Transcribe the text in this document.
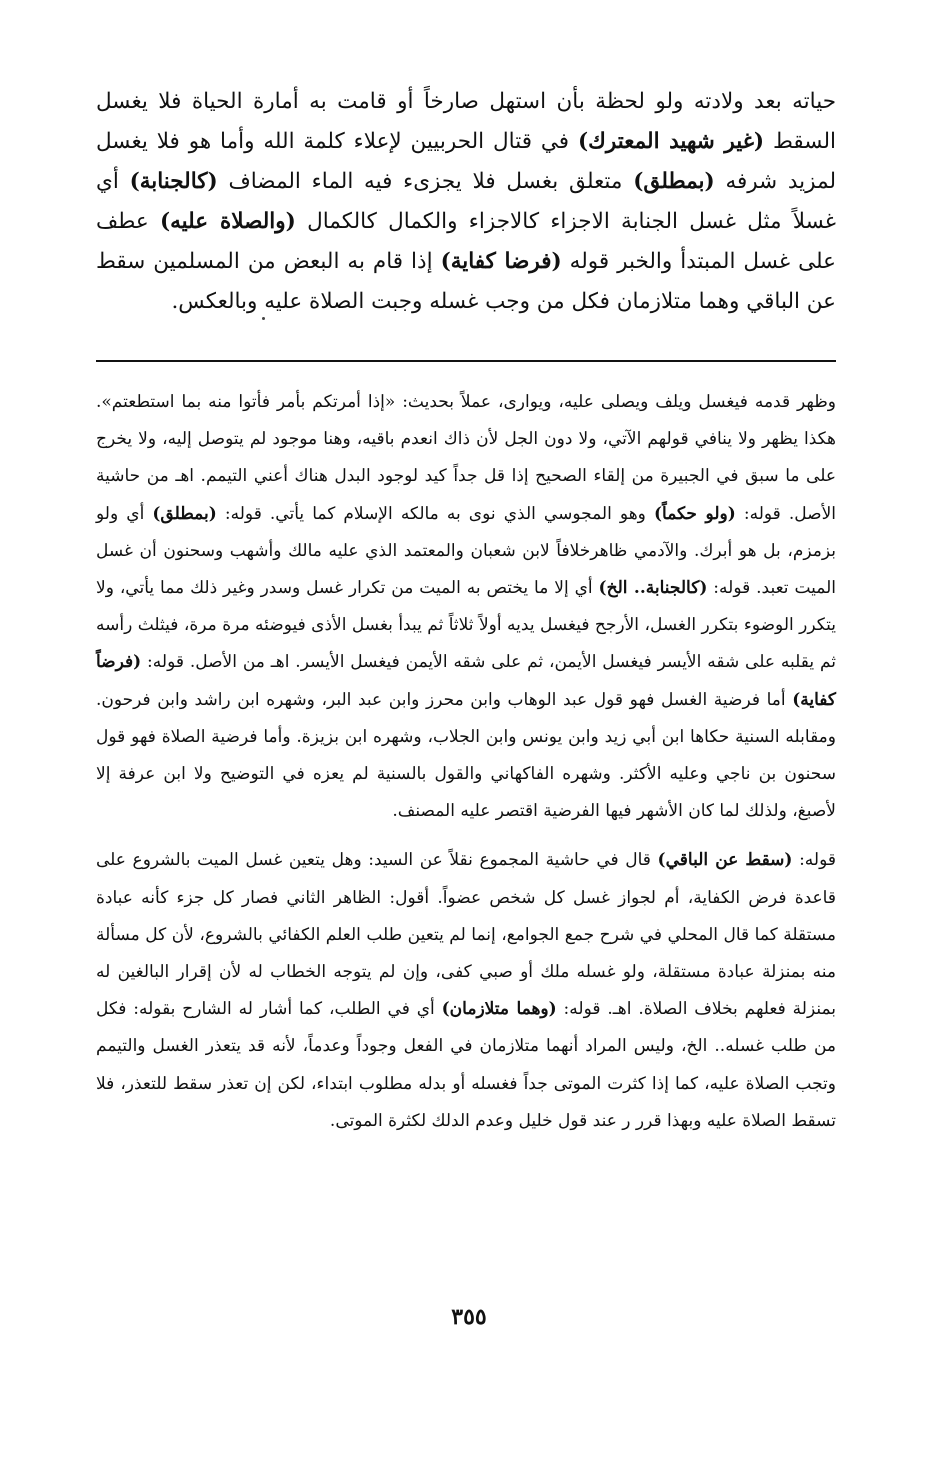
حياته بعد ولادته ولو لحظة بأن استهل صارخاً أو قامت به أمارة الحياة فلا يغسل السقط (غير شهيد المعترك) في قتال الحربيين لإعلاء كلمة الله وأما هو فلا يغسل لمزيد شرفه (بمطلق) متعلق بغسل فلا يجزىء فيه الماء المضاف (كالجنابة) أي غسلاً مثل غسل الجنابة الاجزاء كالاجزاء والكمال كالكمال (والصلاة عليه) عطف على غسل المبتدأ والخبر قوله (فرضا كفاية) إذا قام به البعض من المسلمين سقط عن الباقي وهما متلازمان فكل من وجب غسله وجبت الصلاة عليه وبالعكس.

وظهر قدمه فيغسل ويلف ويصلى عليه، ويوارى، عملاً بحديث: «إذا أمرتكم بأمر فأتوا منه بما استطعتم». هكذا يظهر ولا ينافي قولهم الآتي، ولا دون الجل لأن ذاك انعدم باقيه، وهنا موجود لم يتوصل إليه، ولا يخرج على ما سبق في الجبيرة من إلقاء الصحيح إذا قل جداً كيد لوجود البدل هناك أعني التيمم. اهـ من حاشية الأصل. قوله: (ولو حكماً) وهو المجوسي الذي نوى به مالكه الإسلام كما يأتي. قوله: (بمطلق) أي ولو بزمزم، بل هو أبرك. والآدمي ظاهرخلافاً لابن شعبان والمعتمد الذي عليه مالك وأشهب وسحنون أن غسل الميت تعبد. قوله: (كالجنابة.. الخ) أي إلا ما يختص به الميت من تكرار غسل وسدر وغير ذلك مما يأتي، ولا يتكرر الوضوء بتكرر الغسل، الأرجح فيغسل يديه أولاً ثلاثاً ثم يبدأ بغسل الأذى فيوضئه مرة مرة، فيثلث رأسه ثم يقلبه على شقه الأيسر فيغسل الأيمن، ثم على شقه الأيمن فيغسل الأيسر. اهـ من الأصل. قوله: (فرضاً كفاية) أما فرضية الغسل فهو قول عبد الوهاب وابن محرز وابن عبد البر، وشهره ابن راشد وابن فرحون. ومقابله السنية حكاها ابن أبي زيد وابن يونس وابن الجلاب، وشهره ابن بزيزة. وأما فرضية الصلاة فهو قول سحنون بن ناجي وعليه الأكثر. وشهره الفاكهاني والقول بالسنية لم يعزه في التوضيح ولا ابن عرفة إلا لأصبغ، ولذلك لما كان الأشهر فيها الفرضية اقتصر عليه المصنف.

قوله: (سقط عن الباقي) قال في حاشية المجموع نقلاً عن السيد: وهل يتعين غسل الميت بالشروع على قاعدة فرض الكفاية، أم لجواز غسل كل شخص عضواً. أقول: الظاهر الثاني فصار كل جزء كأنه عبادة مستقلة كما قال المحلي في شرح جمع الجوامع، إنما لم يتعين طلب العلم الكفائي بالشروع، لأن كل مسألة منه بمنزلة عبادة مستقلة، ولو غسله ملك أو صبي كفى، وإن لم يتوجه الخطاب له لأن إقرار البالغين له بمنزلة فعلهم بخلاف الصلاة. اهـ. قوله: (وهما متلازمان) أي في الطلب، كما أشار له الشارح بقوله: فكل من طلب غسله.. الخ، وليس المراد أنهما متلازمان في الفعل وجوداً وعدماً، لأنه قد يتعذر الغسل والتيمم وتجب الصلاة عليه، كما إذا كثرت الموتى جداً فغسله أو بدله مطلوب ابتداء، لكن إن تعذر سقط للتعذر، فلا تسقط الصلاة عليه وبهذا قرر ر عند قول خليل وعدم الدلك لكثرة الموتى.

٣٥٥
